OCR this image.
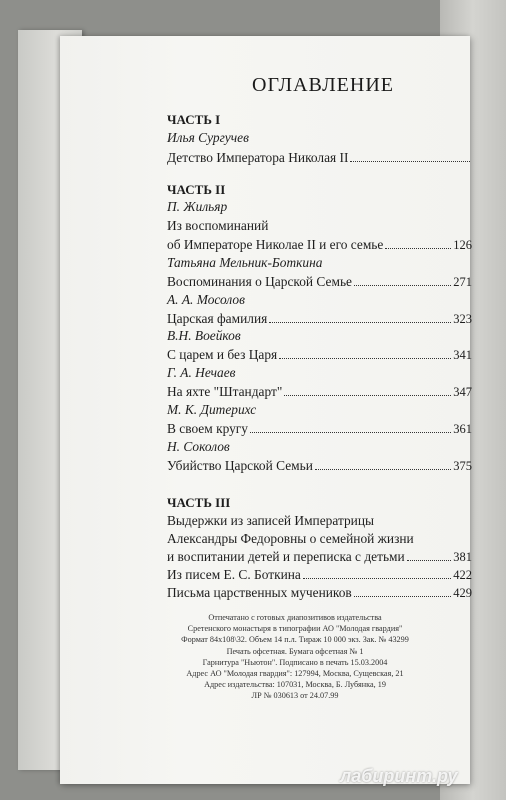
ОГЛАВЛЕНИЕ
ЧАСТЬ I
Илья Сургучев
Детство Императора Николая II
ЧАСТЬ II
П. Жильяр
Из воспоминаний
об Императоре Николае II и его семье	126
Татьяна Мельник-Боткина
Воспоминания о Царской Семье	271
А. А. Мосолов
Царская фамилия	323
В.Н. Воейков
С царем и без Царя	341
Г. А. Нечаев
На яхте "Штандарт"	347
М. К. Дитерихс
В своем кругу	361
Н. Соколов
Убийство Царской Семьи	375
ЧАСТЬ III
Выдержки из записей Императрицы
Александры Федоровны о семейной жизни
и воспитании детей и переписка с детьми	381
Из писем Е. С. Боткина	422
Письма царственных мучеников	429
Отпечатано с готовых диапозитивов издательства
Сретенского монастыря в типографии АО "Молодая гвардия"
Формат 84x108\32. Объем 14 п.л. Тираж 10 000 экз. Зак. № 43299
Печать офсетная. Бумага офсетная № 1
Гарнитура "Ньютон". Подписано в печать 15.03.2004
Адрес АО "Молодая гвардия": 127994, Москва, Сущевская, 21
Адрес издательства: 107031, Москва, Б. Лубянка, 19
ЛР № 030613 от 24.07.99
лабиринт.ру
